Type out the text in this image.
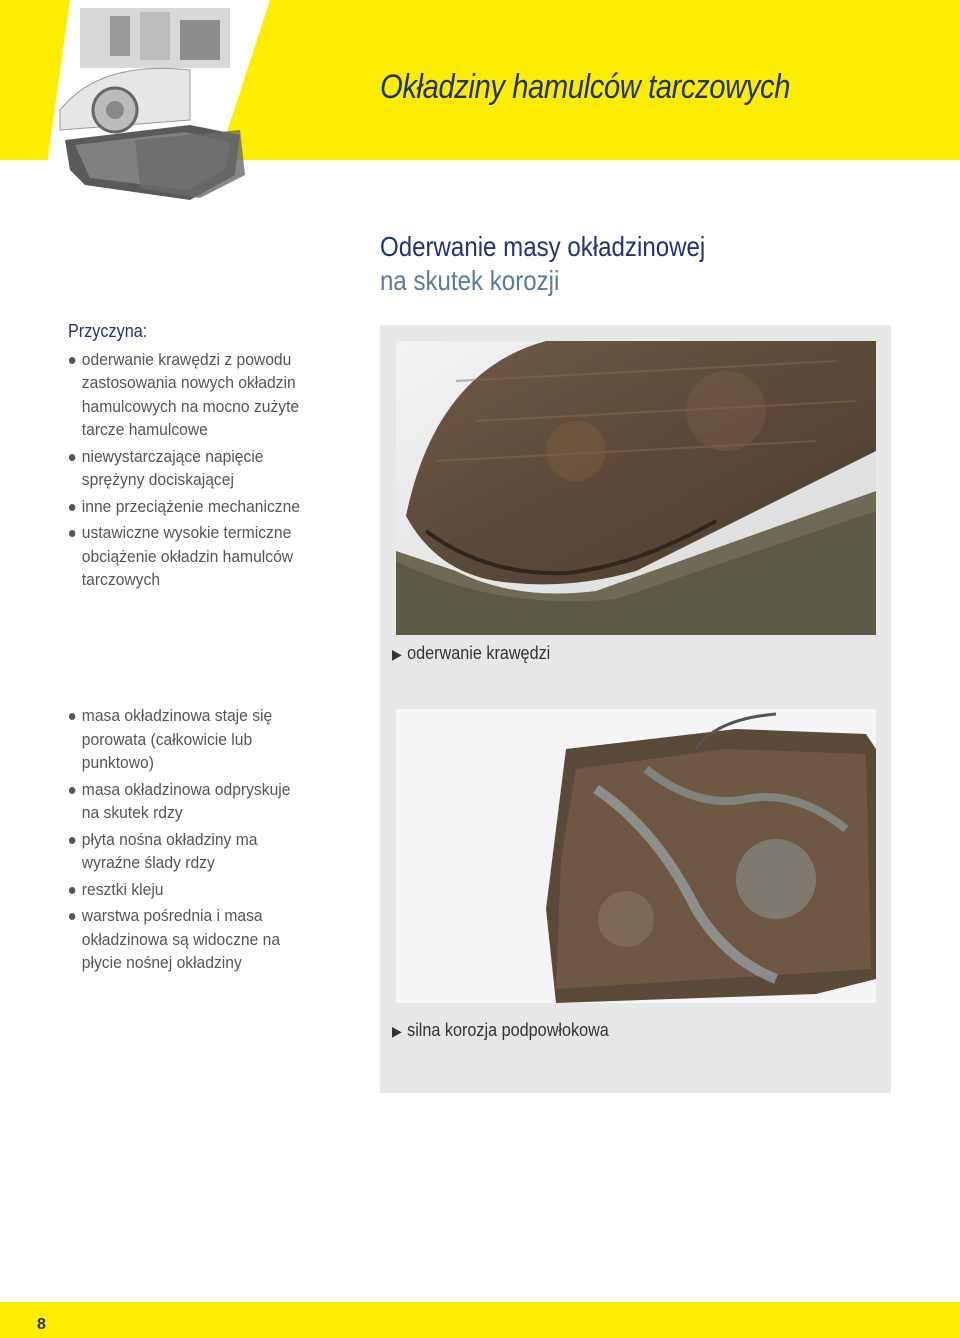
Okładziny hamulców tarczowych
Oderwanie masy okładzinowej
na skutek korozji
Przyczyna:
oderwanie krawędzi z powodu zastosowania nowych okładzin hamulcowych na mocno zużyte tarcze hamulcowe
niewystarczające napięcie sprężyny dociskającej
inne przeciążenie mechaniczne
ustawiczne wysokie termiczne obciążenie okładzin hamulców tarczowych
masa okładzinowa staje się porowata (całkowicie lub punktowo)
masa okładzinowa odpryskuje na skutek rdzy
płyta nośna okładziny ma wyraźne ślady rdzy
resztki kleju
warstwa pośrednia i masa okładzinowa są widoczne na płycie nośnej okładziny
▶ oderwanie krawędzi
▶ silna korozja podpowłokowa
8
